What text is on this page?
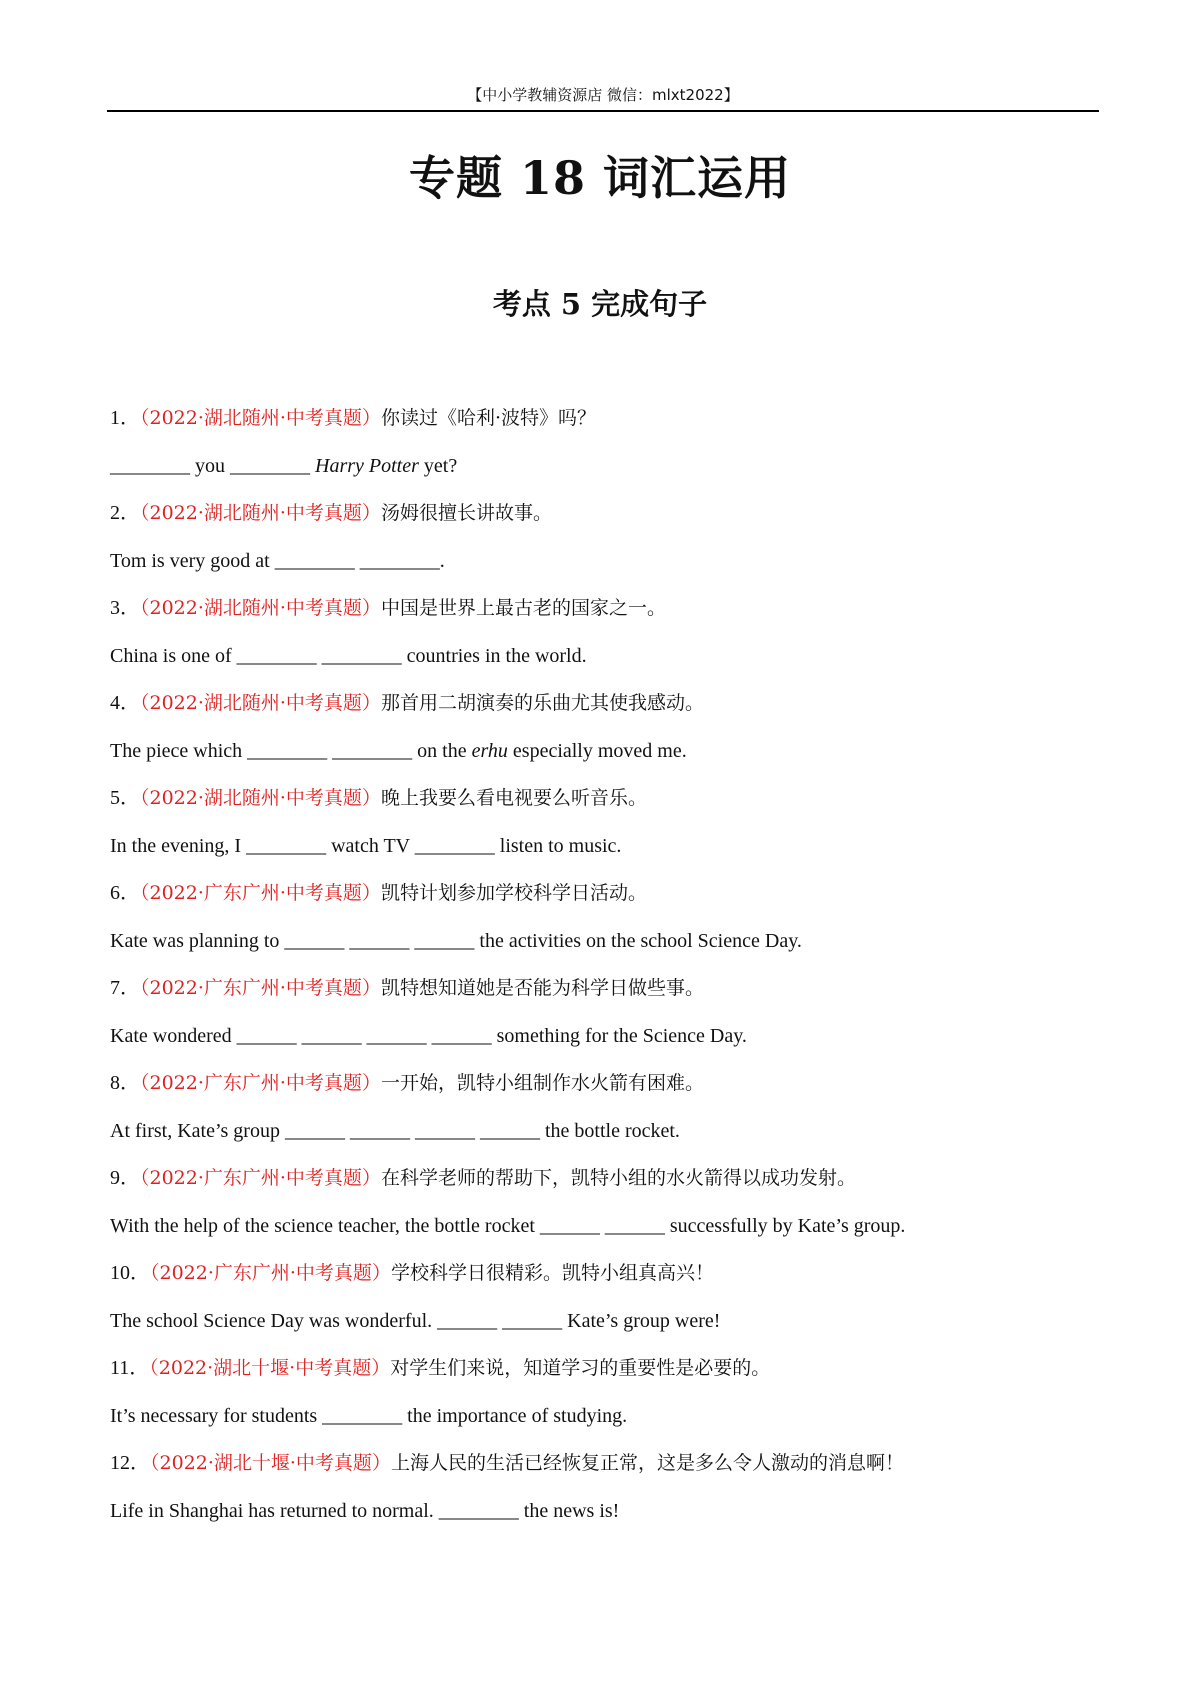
【中小学教辅资源店 微信：mlxt2022】
专题 18 词汇运用
考点 5 完成句子
1．（2022·湖北随州·中考真题）你读过《哈利·波特》吗？
________ you ________ Harry Potter yet?
2．（2022·湖北随州·中考真题）汤姆很擅长讲故事。
Tom is very good at ________ ________.
3．（2022·湖北随州·中考真题）中国是世界上最古老的国家之一。
China is one of ________ ________ countries in the world.
4．（2022·湖北随州·中考真题）那首用二胡演奏的乐曲尤其使我感动。
The piece which ________ ________ on the erhu especially moved me.
5．（2022·湖北随州·中考真题）晚上我要么看电视要么听音乐。
In the evening, I ________ watch TV ________ listen to music.
6．（2022·广东广州·中考真题）凯特计划参加学校科学日活动。
Kate was planning to ______ ______ ______ the activities on the school Science Day.
7．（2022·广东广州·中考真题）凯特想知道她是否能为科学日做些事。
Kate wondered ______ ______ ______ ______ something for the Science Day.
8．（2022·广东广州·中考真题）一开始，凯特小组制作水火箭有困难。
At first, Kate’s group ______ ______ ______ ______ the bottle rocket.
9．（2022·广东广州·中考真题）在科学老师的帮助下，凯特小组的水火箭得以成功发射。
With the help of the science teacher, the bottle rocket ______ ______ successfully by Kate’s group.
10．（2022·广东广州·中考真题）学校科学日很精彩。凯特小组真高兴！
The school Science Day was wonderful. ______ ______ Kate’s group were!
11．（2022·湖北十堰·中考真题）对学生们来说，知道学习的重要性是必要的。
It’s necessary for students ________ the importance of studying.
12．（2022·湖北十堰·中考真题）上海人民的生活已经恢复正常，这是多么令人激动的消息啊！
Life in Shanghai has returned to normal. ________ the news is!
